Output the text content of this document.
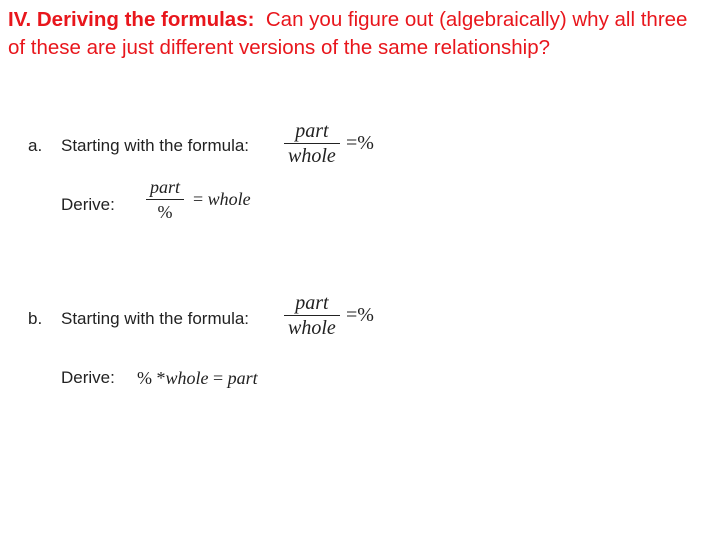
IV. Deriving the formulas: Can you figure out (algebraically) why all three of these are just different versions of the same relationship?
a. Starting with the formula:
part
whole
=%
Derive:
part
%
= whole
b. Starting with the formula:
part
whole
=%
Derive: % *whole = part
